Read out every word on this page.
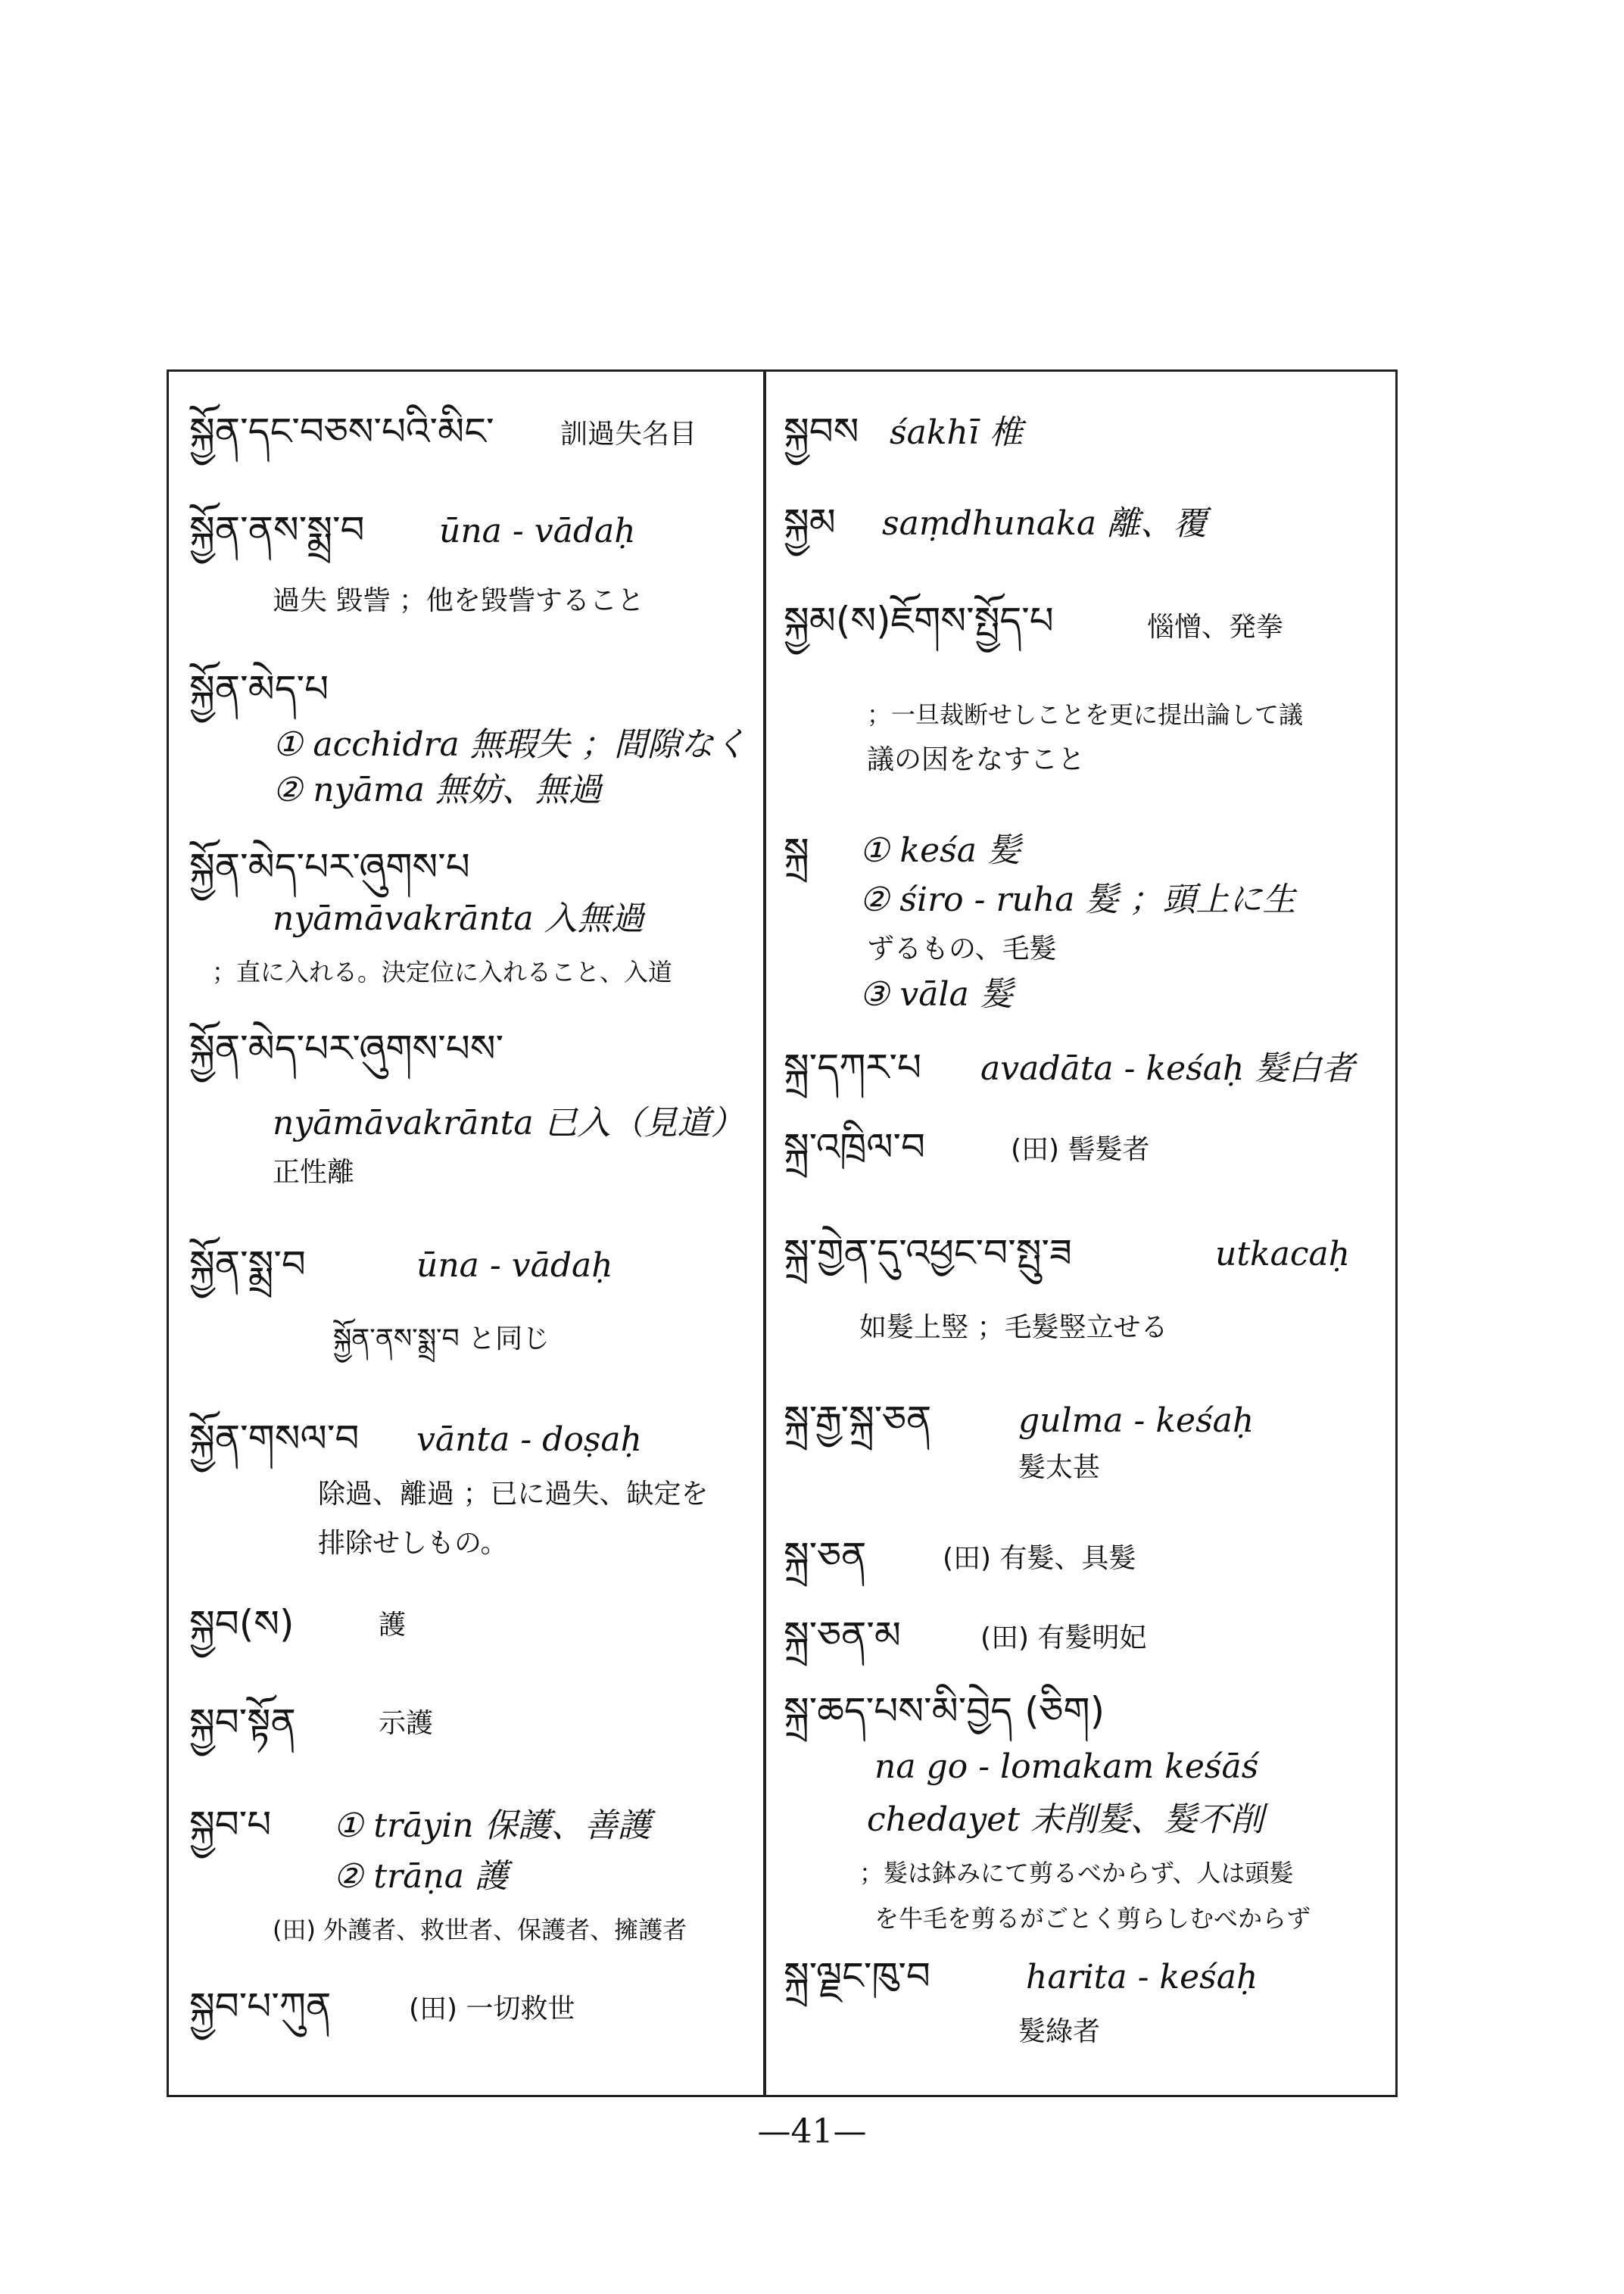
སྐྱོན་དང་བཅས་པའི་མིང་ 訓過失名目
སྐྱོན་ནས་སྨྲ་བ ūna - vādaḥ
過失 毀訾 ；他を毀訾すること
སྐྱོན་མེད་པ
① acchidra 無瑕失 ；間隙なく
② nyāma 無妨、無過
སྐྱོན་མེད་པར་ཞུགས་པ
nyāmāvakrānta 入無過
；直に入れる。決定位に入れること、入道
སྐྱོན་མེད་པར་ཞུགས་པས་
nyāmāvakrānta 已入（見道）
正性離
སྐྱོན་སྨྲ་བ	ūna - vādaḥ
སྐྱོན་ནས་སྨྲ་བ と同じ
སྐྱོན་གསལ་བ vānta - doṣaḥ
除過、離過 ；已に過失、缺定を
排除せしもの。
སྐྱབ(ས)	護
སྐྱབ་སྟོན	示護
སྐྱབ་པ ① trāyin 保護、善護
② trāṇa 護
(田) 外護者、救世者、保護者、擁護者
སྐྱབ་པ་ཀུན	(田) 一切救世
སྐྱབས śakhī 椎
སྐྱམ saṃdhunaka 離、覆
སྐྱམ(ས)ཇོགས་སྤྱོད་པ	惱憎、発拳
；一旦裁断せしことを更に提出論して議
議の因をなすこと
སྐྲ ① keśa 髪
② śiro - ruha 髮 ；頭上に生
ずるもの、毛髮
③ vāla 髮
སྐྲ་དཀར་པ avadāta - keśaḥ 髮白者
སྐྲ་འཁྲིལ་བ	(田) 髻髮者
སྐྲ་གྱེན་དུ་འཕྱང་བ་སྤུ་ཟ	utkacaḥ
如髮上竪 ；毛髮竪立せる
སྐྲ་རྒྱ་སྐྲ་ཅན	gulma - keśaḥ
髮太甚
སྐྲ་ཅན	(田) 有髮、具髮
སྐྲ་ཅན་མ	(田) 有髮明妃
སྐྲ་ཆད་པས་མི་བྱེད (ཅིག)
na go - lomakam keśāś
chedayet 未削髮、髮不削
；髮は鉢みにて剪るべからず、人は頭髮
を牛毛を剪るがごとく剪らしむべからず
སྐྲ་ལྗང་ཁུ་བ	harita - keśaḥ
髮綠者
—41—
